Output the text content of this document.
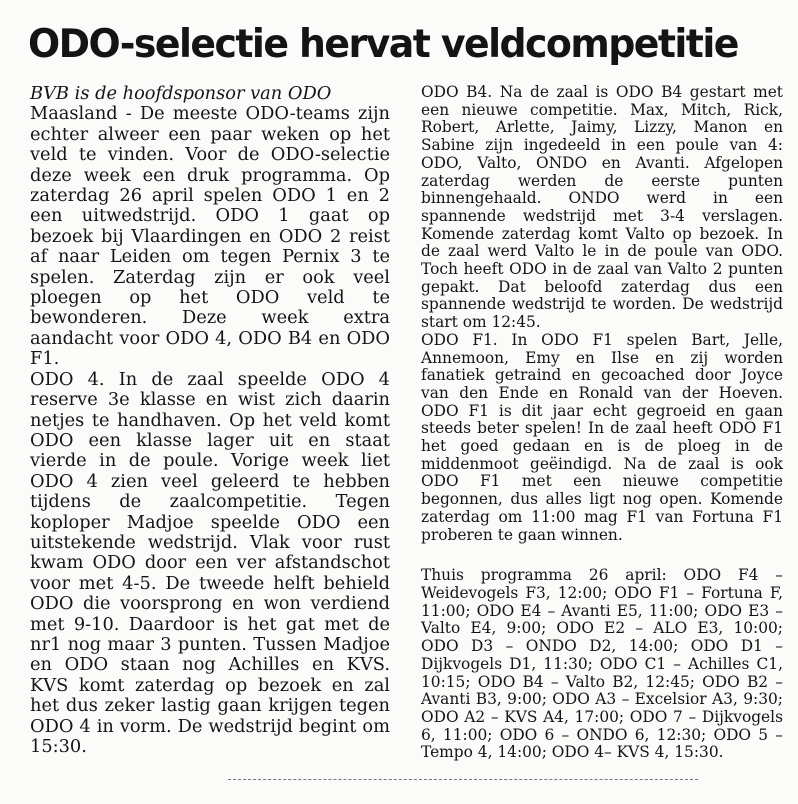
ODO-selectie hervat veldcompetitie
BVB is de hoofdsponsor van ODO

Maasland - De meeste ODO-teams zijn echter alweer een paar weken op het veld te vinden. Voor de ODO-selectie deze week een druk programma. Op zaterdag 26 april spelen ODO 1 en 2 een uitwedstrijd. ODO 1 gaat op bezoek bij Vlaardingen en ODO 2 reist af naar Leiden om tegen Pernix 3 te spelen. Zaterdag zijn er ook veel ploegen op het ODO veld te bewonderen. Deze week extra aandacht voor ODO 4, ODO B4 en ODO F1.

ODO 4. In de zaal speelde ODO 4 reserve 3e klasse en wist zich daarin netjes te handhaven. Op het veld komt ODO een klasse lager uit en staat vierde in de poule. Vorige week liet ODO 4 zien veel geleerd te hebben tijdens de zaalcompetitie. Tegen koploper Madjoe speelde ODO een uitstekende wedstrijd. Vlak voor rust kwam ODO door een ver afstandschot voor met 4-5. De tweede helft behield ODO die voorsprong en won verdiend met 9-10. Daardoor is het gat met de nr1 nog maar 3 punten. Tussen Madjoe en ODO staan nog Achilles en KVS. KVS komt zaterdag op bezoek en zal het dus zeker lastig gaan krijgen tegen ODO 4 in vorm. De wedstrijd begint om 15:30.

ODO B4. Na de zaal is ODO B4 gestart met een nieuwe competitie. Max, Mitch, Rick, Robert, Arlette, Jaimy, Lizzy, Manon en Sabine zijn ingedeeld in een poule van 4: ODO, Valto, ONDO en Avanti. Afgelopen zaterdag werden de eerste punten binnengehaald. ONDO werd in een spannende wedstrijd met 3-4 verslagen. Komende zaterdag komt Valto op bezoek. In de zaal werd Valto le in de poule van ODO. Toch heeft ODO in de zaal van Valto 2 punten gepakt. Dat beloofd zaterdag dus een spannende wedstrijd te worden. De wedstrijd start om 12:45.

ODO F1. In ODO F1 spelen Bart, Jelle, Annemoon, Emy en Ilse en zij worden fanatiek getraind en gecoached door Joyce van den Ende en Ronald van der Hoeven. ODO F1 is dit jaar echt gegroeid en gaan steeds beter spelen! In de zaal heeft ODO F1 het goed gedaan en is de ploeg in de middenmoot geëindigd. Na de zaal is ook ODO F1 met een nieuwe competitie begonnen, dus alles ligt nog open. Komende zaterdag om 11:00 mag F1 van Fortuna F1 proberen te gaan winnen.

Thuis programma 26 april: ODO F4 – Weidevogels F3, 12:00; ODO F1 – Fortuna F, 11:00; ODO E4 – Avanti E5, 11:00; ODO E3 – Valto E4, 9:00; ODO E2 – ALO E3, 10:00; ODO D3 – ONDO D2, 14:00; ODO D1 – Dijkvogels D1, 11:30; ODO C1 – Achilles C1, 10:15; ODO B4 – Valto B2, 12:45; ODO B2 – Avanti B3, 9:00; ODO A3 – Excelsior A3, 9:30; ODO A2 – KVS A4, 17:00; ODO 7 – Dijkvogels 6, 11:00; ODO 6 – ONDO 6, 12:30; ODO 5 – Tempo 4, 14:00; ODO 4– KVS 4, 15:30.
